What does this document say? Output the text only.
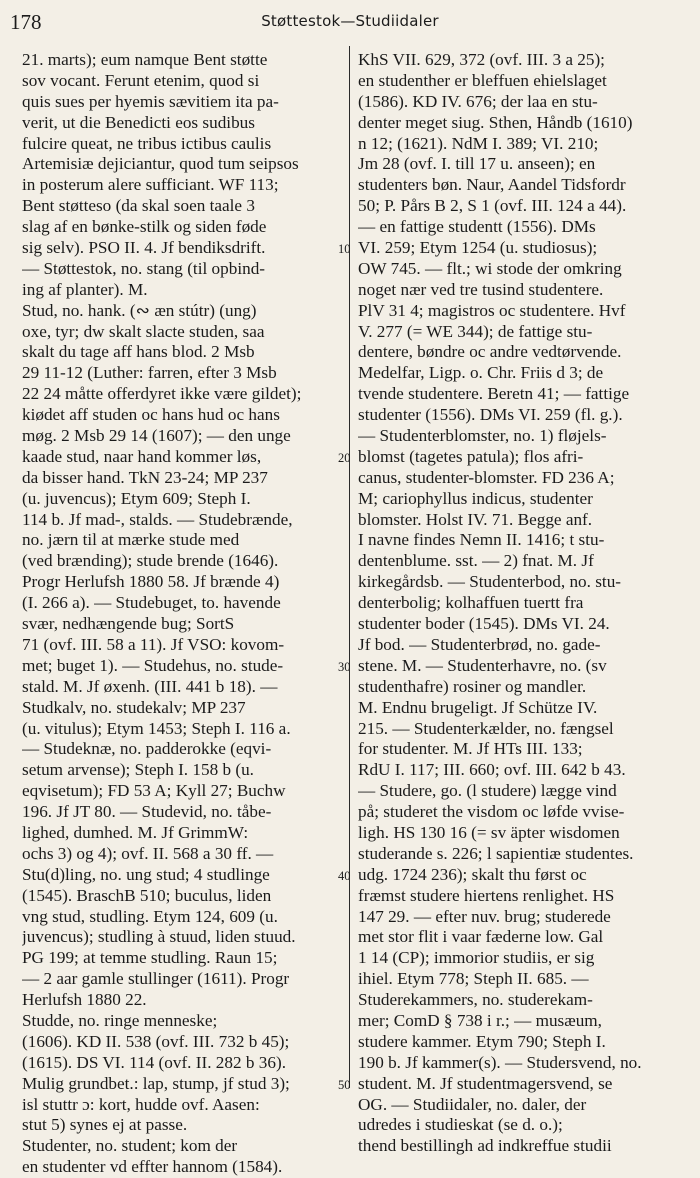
178	Støttestok—Studiidaler
21. marts); eum namque Bent støtte
sov vocant. Ferunt etenim, quod si
quis sues per hyemis sævitiem ita pa-
verit, ut die Benedicti eos sudibus
fulcire queat, ne tribus ictibus caulis
Artemisiæ dejiciantur, quod tum seipsos
in posterum alere sufficiant. WF 113;
Bent støtteso (da skal soen taale 3
slag af en bønke-stilk og siden føde
sig selv). PSO II. 4. Jf bendiksdrift.
— Støttestok, no. stang (til opbind-
ing af planter). M.
Stud, no. hank. (∾ æn stútr) (ung)
oxe, tyr; dw skalt slacte studen, saa
skalt du tage aff hans blod. 2 Msb
29 11-12 (Luther: farren, efter 3 Msb
22 24 måtte offerdyret ikke være gildet);
kiødet aff studen oc hans hud oc hans
møg. 2 Msb 29 14 (1607); — den unge
kaade stud, naar hand kommer løs,
da bisser hand. TkN 23-24; MP 237
(u. juvencus); Etym 609; Steph I.
114 b. Jf mad-, stalds. — Studebrænde,
no. jærn til at mærke stude med
(ved brænding); stude brende (1646).
Progr Herlufsh 1880 58. Jf brænde 4)
(I. 266 a). — Studebuget, to. havende
svær, nedhængende bug; SortS
71 (ovf. III. 58 a 11). Jf VSO: kovom-
met; buget 1). — Studehus, no. stude-
stald. M. Jf øxenh. (III. 441 b 18). —
Studkalv, no. studekalv; MP 237
(u. vitulus); Etym 1453; Steph I. 116 a.
— Studeknæ, no. padderokke (eqvi-
setum arvense); Steph I. 158 b (u.
eqvisetum); FD 53 A; Kyll 27; Buchw
196. Jf JT 80. — Studevid, no. tåbe-
lighed, dumhed. M. Jf GrimmW:
ochs 3) og 4); ovf. II. 568 a 30 ff. —
Stu(d)ling, no. ung stud; 4 studlinge
(1545). BraschB 510; buculus, liden
vng stud, studling. Etym 124, 609 (u.
juvencus); studling à stuud, liden stuud.
PG 199; at temme studling. Raun 15;
— 2 aar gamle stullinger (1611). Progr
Herlufsh 1880 22.
Studde, no. ringe menneske;
(1606). KD II. 538 (ovf. III. 732 b 45);
(1615). DS VI. 114 (ovf. II. 282 b 36).
Mulig grundbet.: lap, stump, jf stud 3);
isl stuttr ɔ: kort, hudde ovf. Aasen:
stut 5) synes ej at passe.
Studenter, no. student; kom der
en studenter vd effter hannom (1584).
KhS VII. 629, 372 (ovf. III. 3 a 25);
en studenther er bleffuen ehielslaget
(1586). KD IV. 676; der laa en stu-
denter meget siug. Sthen, Håndb (1610)
n 12; (1621). NdM I. 389; VI. 210;
Jm 28 (ovf. I. till 17 u. anseen); en
studenters bøn. Naur, Aandel Tidsfordr
50; P. Pårs B 2, S 1 (ovf. III. 124 a 44).
— en fattige studentt (1556). DMs
VI. 259; Etym 1254 (u. studiosus);
OW 745. — flt.; wi stode der omkring
noget nær ved tre tusind studentere.
PlV 31 4; magistros oc studentere. Hvf
V. 277 (= WE 344); de fattige stu-
dentere, bøndre oc andre vedtørvende.
Medelfar, Ligp. o. Chr. Friis d 3; de
tvende studentere. Beretn 41; — fattige
studenter (1556). DMs VI. 259 (fl. g.).
— Studenterblomster, no. 1) fløjels-
blomst (tagetes patula); flos afri-
canus, studenter-blomster. FD 236 A;
M; cariophyllus indicus, studenter
blomster. Holst IV. 71. Begge anf.
I navne findes Nemn II. 1416; t stu-
dentenblume. sst. — 2) fnat. M. Jf
kirkegårdsb. — Studenterbod, no. stu-
denterbolig; kolhaffuen tuertt fra
studenter boder (1545). DMs VI. 24.
Jf bod. — Studenterbrød, no. gade-
stene. M. — Studenterhavre, no. (sv
studenthafre) rosiner og mandler.
M. Endnu brugeligt. Jf Schütze IV.
215. — Studenterkælder, no. fængsel
for studenter. M. Jf HTs III. 133;
RdU I. 117; III. 660; ovf. III. 642 b 43.
— Studere, go. (l studere) lægge vind
på; studeret the visdom oc løfde vvise-
ligh. HS 130 16 (= sv äpter wisdomen
studerande s. 226; l sapientiæ studentes.
udg. 1724 236); skalt thu først oc
fræmst studere hiertens renlighet. HS
147 29. — efter nuv. brug; studerede
met stor flit i vaar fæderne low. Gal
1 14 (CP); immorior studiis, er sig
ihiel. Etym 778; Steph II. 685. —
Studerekammers, no. studerekam-
mer; ComD § 738 i r.; — musæum,
studere kammer. Etym 790; Steph I.
190 b. Jf kammer(s). — Studersvend, no.
student. M. Jf studentmagersvend, se
OG. — Studiidaler, no. daler, der
udredes i studieskat (se d. o.);
thend bestillingh ad indkreffue studii
10
20
30
40
50
